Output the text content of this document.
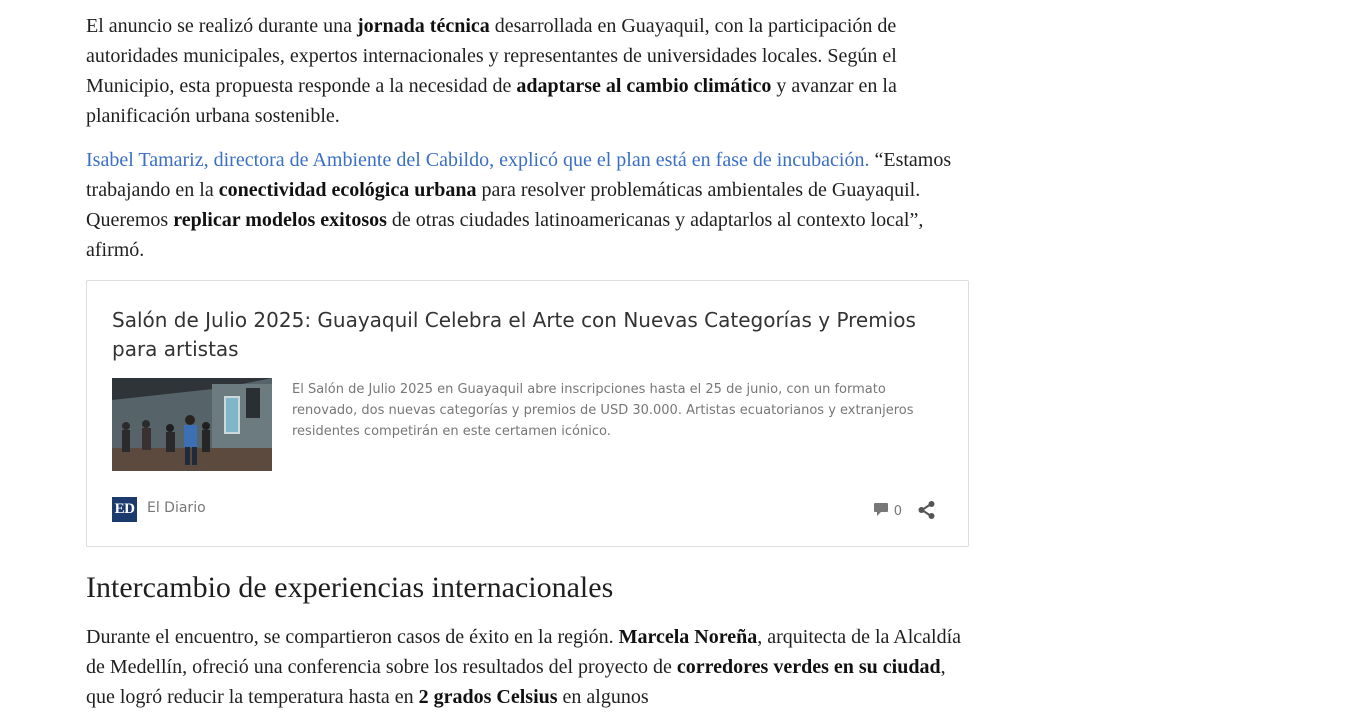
El anuncio se realizó durante una jornada técnica desarrollada en Guayaquil, con la participación de autoridades municipales, expertos internacionales y representantes de universidades locales. Según el Municipio, esta propuesta responde a la necesidad de adaptarse al cambio climático y avanzar en la planificación urbana sostenible.

Isabel Tamariz, directora de Ambiente del Cabildo, explicó que el plan está en fase de incubación. “Estamos trabajando en la conectividad ecológica urbana para resolver problemáticas ambientales de Guayaquil. Queremos replicar modelos exitosos de otras ciudades latinoamericanas y adaptarlos al contexto local”, afirmó.

Salón de Julio 2025: Guayaquil Celebra el Arte con Nuevas Categorías y Premios para artistas

El Salón de Julio 2025 en Guayaquil abre inscripciones hasta el 25 de junio, con un formato renovado, dos nuevas categorías y premios de USD 30.000. Artistas ecuatorianos y extranjeros residentes competirán en este certamen icónico.

ED El Diario	0
Intercambio de experiencias internacionales

Durante el encuentro, se compartieron casos de éxito en la región. Marcela Noreña, arquitecta de la Alcaldía de Medellín, ofreció una conferencia sobre los resultados del proyecto de corredores verdes en su ciudad, que logró reducir la temperatura hasta en 2 grados Celsius en algunos
